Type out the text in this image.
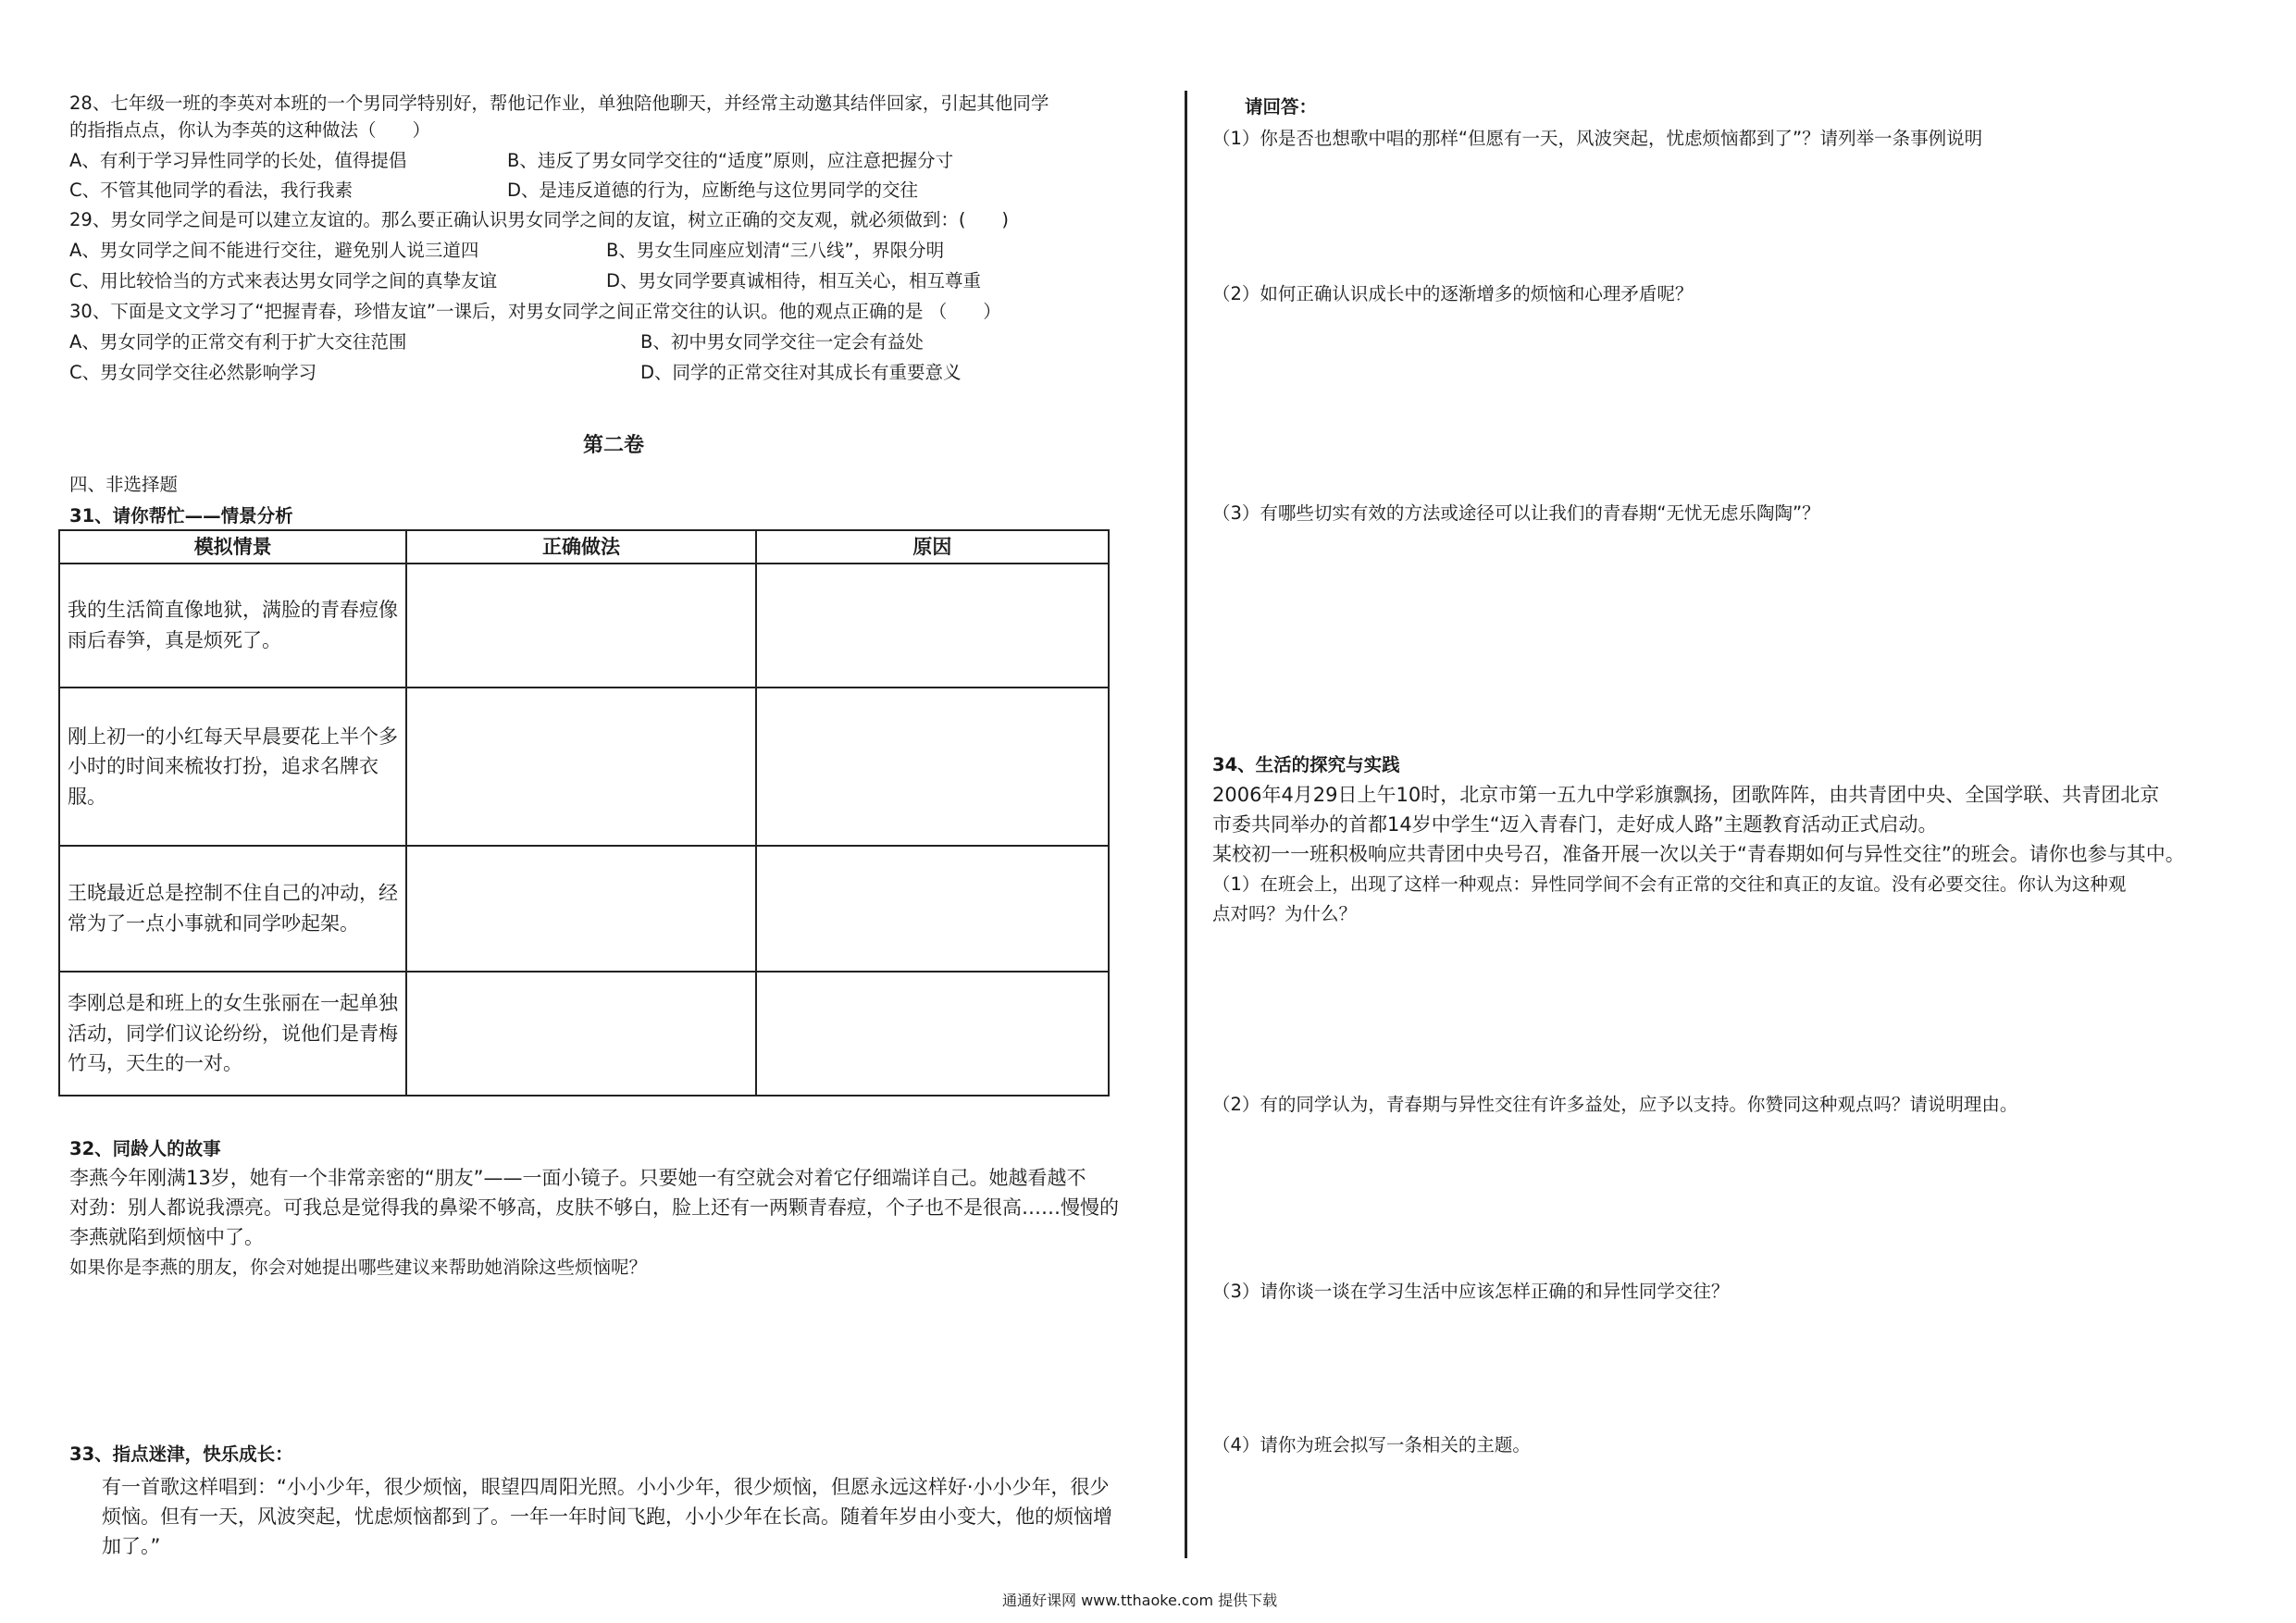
28、七年级一班的李英对本班的一个男同学特别好，帮他记作业，单独陪他聊天，并经常主动邀其结伴回家，引起其他同学
的指指点点，你认为李英的这种做法（　　）
A、有利于学习异性同学的长处，值得提倡	B、违反了男女同学交往的“适度”原则，应注意把握分寸
C、不管其他同学的看法，我行我素	D、是违反道德的行为，应断绝与这位男同学的交往
29、男女同学之间是可以建立友谊的。那么要正确认识男女同学之间的友谊，树立正确的交友观，就必须做到：(　　)
A、男女同学之间不能进行交往，避免别人说三道四	B、男女生同座应划清“三八线”，界限分明
C、用比较恰当的方式来表达男女同学之间的真挚友谊	D、男女同学要真诚相待，相互关心，相互尊重
30、下面是文文学习了“把握青春，珍惜友谊”一课后，对男女同学之间正常交往的认识。他的观点正确的是 （　　）
A、男女同学的正常交有利于扩大交往范围	B、初中男女同学交往一定会有益处
C、男女同学交往必然影响学习	D、同学的正常交往对其成长有重要意义
第二卷
四、非选择题
31、请你帮忙——情景分析
模拟情景	正确做法	原因
我的生活简直像地狱，满脸的青春痘像雨后春笋，真是烦死了。		
刚上初一的小红每天早晨要花上半个多小时的时间来梳妆打扮，追求名牌衣服。		
王晓最近总是控制不住自己的冲动，经常为了一点小事就和同学吵起架。		
李刚总是和班上的女生张丽在一起单独活动，同学们议论纷纷，说他们是青梅竹马，天生的一对。		
32、同龄人的故事
李燕今年刚满13岁，她有一个非常亲密的“朋友”——一面小镜子。只要她一有空就会对着它仔细端详自己。她越看越不
对劲：别人都说我漂亮。可我总是觉得我的鼻梁不够高，皮肤不够白，脸上还有一两颗青春痘，个子也不是很高……慢慢的
李燕就陷到烦恼中了。
如果你是李燕的朋友，你会对她提出哪些建议来帮助她消除这些烦恼呢？
33、指点迷津，快乐成长：
有一首歌这样唱到：“小小少年，很少烦恼，眼望四周阳光照。小小少年，很少烦恼，但愿永远这样好·小小少年，很少
烦恼。但有一天，风波突起，忧虑烦恼都到了。一年一年时间飞跑，小小少年在长高。随着年岁由小变大，他的烦恼增
加了。”
请回答：
（1）你是否也想歌中唱的那样“但愿有一天，风波突起，忧虑烦恼都到了”？请列举一条事例说明
（2）如何正确认识成长中的逐渐增多的烦恼和心理矛盾呢？
（3）有哪些切实有效的方法或途径可以让我们的青春期“无忧无虑乐陶陶”？
34、生活的探究与实践
2006年4月29日上午10时，北京市第一五九中学彩旗飘扬，团歌阵阵，由共青团中央、全国学联、共青团北京
市委共同举办的首都14岁中学生“迈入青春门，走好成人路”主题教育活动正式启动。
某校初一一班积极响应共青团中央号召，准备开展一次以关于“青春期如何与异性交往”的班会。请你也参与其中。
（1）在班会上，出现了这样一种观点：异性同学间不会有正常的交往和真正的友谊。没有必要交往。你认为这种观
点对吗？为什么？
（2）有的同学认为，青春期与异性交往有许多益处，应予以支持。你赞同这种观点吗？请说明理由。
（3）请你谈一谈在学习生活中应该怎样正确的和异性同学交往？
（4）请你为班会拟写一条相关的主题。
通通好课网 www.tthaoke.com 提供下载
